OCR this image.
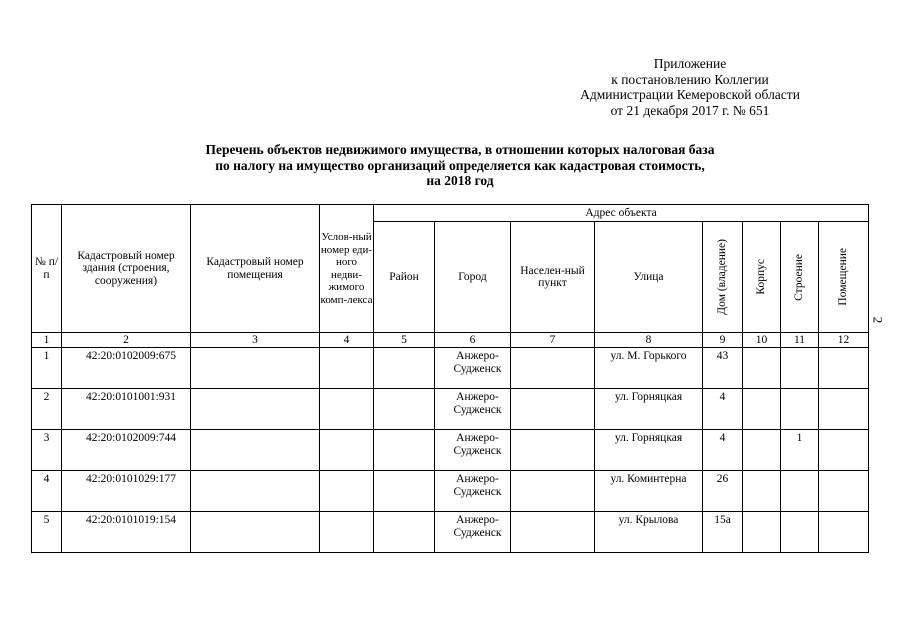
Приложение
к постановлению Коллегии
Администрации Кемеровской области
от 21 декабря 2017 г. № 651
Перечень объектов недвижимого имущества, в отношении которых налоговая база
по налогу на имущество организаций определяется как кадастровая стоимость,
на 2018 год
2
№ п/п	Кадастровый номер здания (строения, сооружения)	Кадастровый номер помещения	Услов-ный номер еди-ного недви-жимого комп-лекса	Адрес объекта							
				Район	Город	Населен-ный пункт	Улица	Дом (владение)	Корпус	Строение	Помещение

1	2	3	4	5	6	7	8	9	10	11	12
1	42:20:0102009:675				Анжеро-Судженск		ул. М. Горького	43			
2	42:20:0101001:931				Анжеро-Судженск		ул. Горняцкая	4			
3	42:20:0102009:744				Анжеро-Судженск		ул. Горняцкая	4		1	
4	42:20:0101029:177				Анжеро-Судженск		ул. Коминтерна	26			
5	42:20:0101019:154				Анжеро-Судженск		ул. Крылова	15а			
